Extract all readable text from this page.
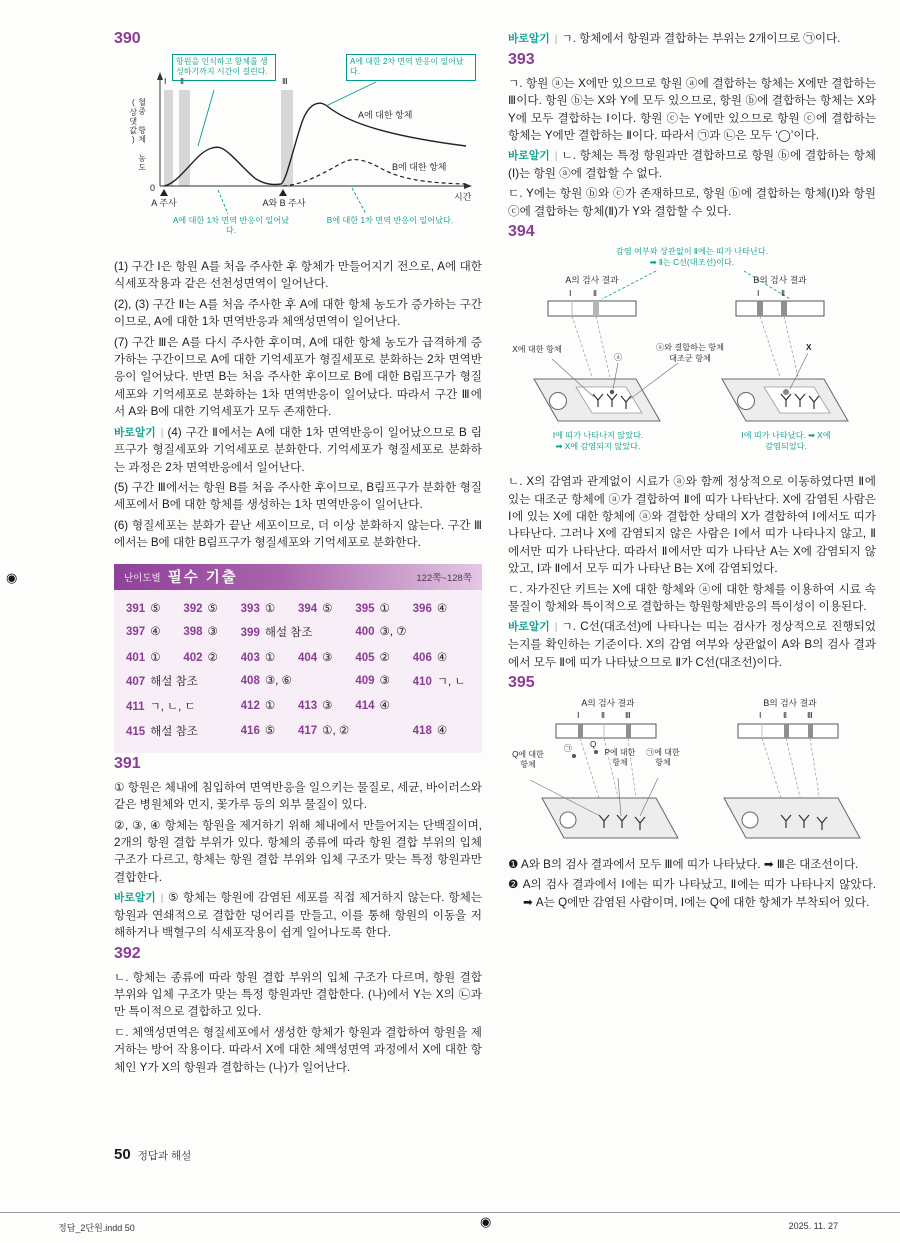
390
혈중 항체 농도(상댓값)
Ⅰ Ⅱ	Ⅲ
항원을 인식하고 항체를 생성하기까지 시간이 걸린다.
A에 대한 2차 면역 반응이 일어났다.
A에 대한 항체
B에 대한 항체
0
시간
A 주사	A와 B 주사
A에 대한 1차 면역 반응이 일어났다.
B에 대한 1차 면역 반응이 일어났다.

(1) 구간 Ⅰ은 항원 A를 처음 주사한 후 항체가 만들어지기 전으로, A에 대한 식세포작용과 같은 선천성면역이 일어난다.

(2), (3) 구간 Ⅱ는 A를 처음 주사한 후 A에 대한 항체 농도가 증가하는 구간이므로, A에 대한 1차 면역반응과 체액성면역이 일어난다.

(7) 구간 Ⅲ은 A를 다시 주사한 후이며, A에 대한 항체 농도가 급격하게 증가하는 구간이므로 A에 대한 기억세포가 형질세포로 분화하는 2차 면역반응이 일어났다. 반면 B는 처음 주사한 후이므로 B에 대한 B림프구가 형질세포와 기억세포로 분화하는 1차 면역반응이 일어났다. 따라서 구간 Ⅲ에서 A와 B에 대한 기억세포가 모두 존재한다.

바로알기 | (4) 구간 Ⅱ에서는 A에 대한 1차 면역반응이 일어났으므로 B 림프구가 형질세포와 기억세포로 분화한다. 기억세포가 형질세포로 분화하는 과정은 2차 면역반응에서 일어난다.

(5) 구간 Ⅲ에서는 항원 B를 처음 주사한 후이므로, B림프구가 분화한 형질세포에서 B에 대한 항체를 생성하는 1차 면역반응이 일어난다.

(6) 형질세포는 분화가 끝난 세포이므로, 더 이상 분화하지 않는다. 구간 Ⅲ에서는 B에 대한 B림프구가 형질세포와 기억세포로 분화한다.

난이도별 필수 기출	122쪽~128쪽
391 ⑤	392 ⑤	393 ①	394 ⑤	395 ①	396 ④
397 ④	398 ③	399 해설 참조	400 ③, ⑦
401 ①	402 ②	403 ①	404 ③	405 ②	406 ④
407 해설 참조	408 ③, ⑥	409 ③	410 ㄱ, ㄴ
411 ㄱ, ㄴ, ㄷ	412 ①	413 ③	414 ④
415 해설 참조	416 ⑤	417 ①, ②	418 ④
391

① 항원은 체내에 침입하여 면역반응을 일으키는 물질로, 세균, 바이러스와 같은 병원체와 먼지, 꽃가루 등의 외부 물질이 있다.

②, ③, ④ 항체는 항원을 제거하기 위해 체내에서 만들어지는 단백질이며, 2개의 항원 결합 부위가 있다. 항체의 종류에 따라 항원 결합 부위의 입체 구조가 다르고, 항체는 항원 결합 부위와 입체 구조가 맞는 특정 항원과만 결합한다.

바로알기 | ⑤ 항체는 항원에 감염된 세포를 직접 제거하지 않는다. 항체는 항원과 연쇄적으로 결합한 덩어리를 만들고, 이를 통해 항원의 이동을 저해하거나 백혈구의 식세포작용이 쉽게 일어나도록 한다.

392

ㄴ. 항체는 종류에 따라 항원 결합 부위의 입체 구조가 다르며, 항원 결합 부위와 입체 구조가 맞는 특정 항원과만 결합한다. (나)에서 Y는 X의 ㉡과만 특이적으로 결합하고 있다.

ㄷ. 체액성면역은 형질세포에서 생성한 항체가 항원과 결합하여 항원을 제거하는 방어 작용이다. 따라서 X에 대한 체액성면역 과정에서 X에 대한 항체인 Y가 X의 항원과 결합하는 (나)가 일어난다.

바로알기 | ㄱ. 항체에서 항원과 결합하는 부위는 2개이므로 ㉠이다.

393

ㄱ. 항원 ⓐ는 X에만 있으므로 항원 ⓐ에 결합하는 항체는 X에만 결합하는 Ⅲ이다. 항원 ⓑ는 X와 Y에 모두 있으므로, 항원 ⓑ에 결합하는 항체는 X와 Y에 모두 결합하는 Ⅰ이다. 항원 ⓒ는 Y에만 있으므로 항원 ⓒ에 결합하는 항체는 Y에만 결합하는 Ⅱ이다. 따라서 ㉠과 ㉡은 모두 ‘◯’이다.

바로알기 | ㄴ. 항체는 특정 항원과만 결합하므로 항원 ⓑ에 결합하는 항체(Ⅰ)는 항원 ⓐ에 결합할 수 없다.

ㄷ. Y에는 항원 ⓑ와 ⓒ가 존재하므로, 항원 ⓑ에 결합하는 항체(Ⅰ)와 항원 ⓒ에 결합하는 항체(Ⅱ)가 Y와 결합할 수 있다.

394
감염 여부와 상관없이 Ⅱ에는 띠가 나타난다.
➡ Ⅱ는 C선(대조선)이다.
A의 검사 결과	B의 검사 결과
Ⅰ	Ⅱ	Ⅰ	Ⅱ
X에 대한 항체
ⓐ
ⓐ와 결합하는 항체
대조군 항체
X
Ⅰ에 띠가 나타나지 않았다.
➡ X에 감염되지 않았다.
Ⅰ에 띠가 나타났다. ➡ X에
감염되었다.

ㄴ. X의 감염과 관계없이 시료가 ⓐ와 함께 정상적으로 이동하였다면 Ⅱ에 있는 대조군 항체에 ⓐ가 결합하여 Ⅱ에 띠가 나타난다. X에 감염된 사람은 Ⅰ에 있는 X에 대한 항체에 ⓐ와 결합한 상태의 X가 결합하여 Ⅰ에서도 띠가 나타난다. 그러나 X에 감염되지 않은 사람은 Ⅰ에서 띠가 나타나지 않고, Ⅱ에서만 띠가 나타난다. 따라서 Ⅱ에서만 띠가 나타난 A는 X에 감염되지 않았고, Ⅰ과 Ⅱ에서 모두 띠가 나타난 B는 X에 감염되었다.

ㄷ. 자가진단 키트는 X에 대한 항체와 ⓐ에 대한 항체를 이용하여 시료 속 물질이 항체와 특이적으로 결합하는 항원항체반응의 특이성이 이용된다.

바로알기 | ㄱ. C선(대조선)에 나타나는 띠는 검사가 정상적으로 진행되었는지를 확인하는 기준이다. X의 감염 여부와 상관없이 A와 B의 검사 결과에서 모두 Ⅱ에 띠가 나타났으므로 Ⅱ가 C선(대조선)이다.

395
A의 검사 결과	B의 검사 결과
Ⅰ	Ⅱ Ⅲ	Ⅰ	Ⅱ Ⅲ
Q에 대한 항체
㉠ Q
P에 대한 항체
㉠에 대한 항체

❶ A와 B의 검사 결과에서 모두 Ⅲ에 띠가 나타났다. ➡ Ⅲ은 대조선이다.

❷ A의 검사 결과에서 Ⅰ에는 띠가 나타났고, Ⅱ에는 띠가 나타나지 않았다. ➡ A는 Q에만 감염된 사람이며, Ⅰ에는 Q에 대한 항체가 부착되어 있다.

50 정답과 해설
정답_2단원.indd 50	2025. 11. 27
◉
◉
